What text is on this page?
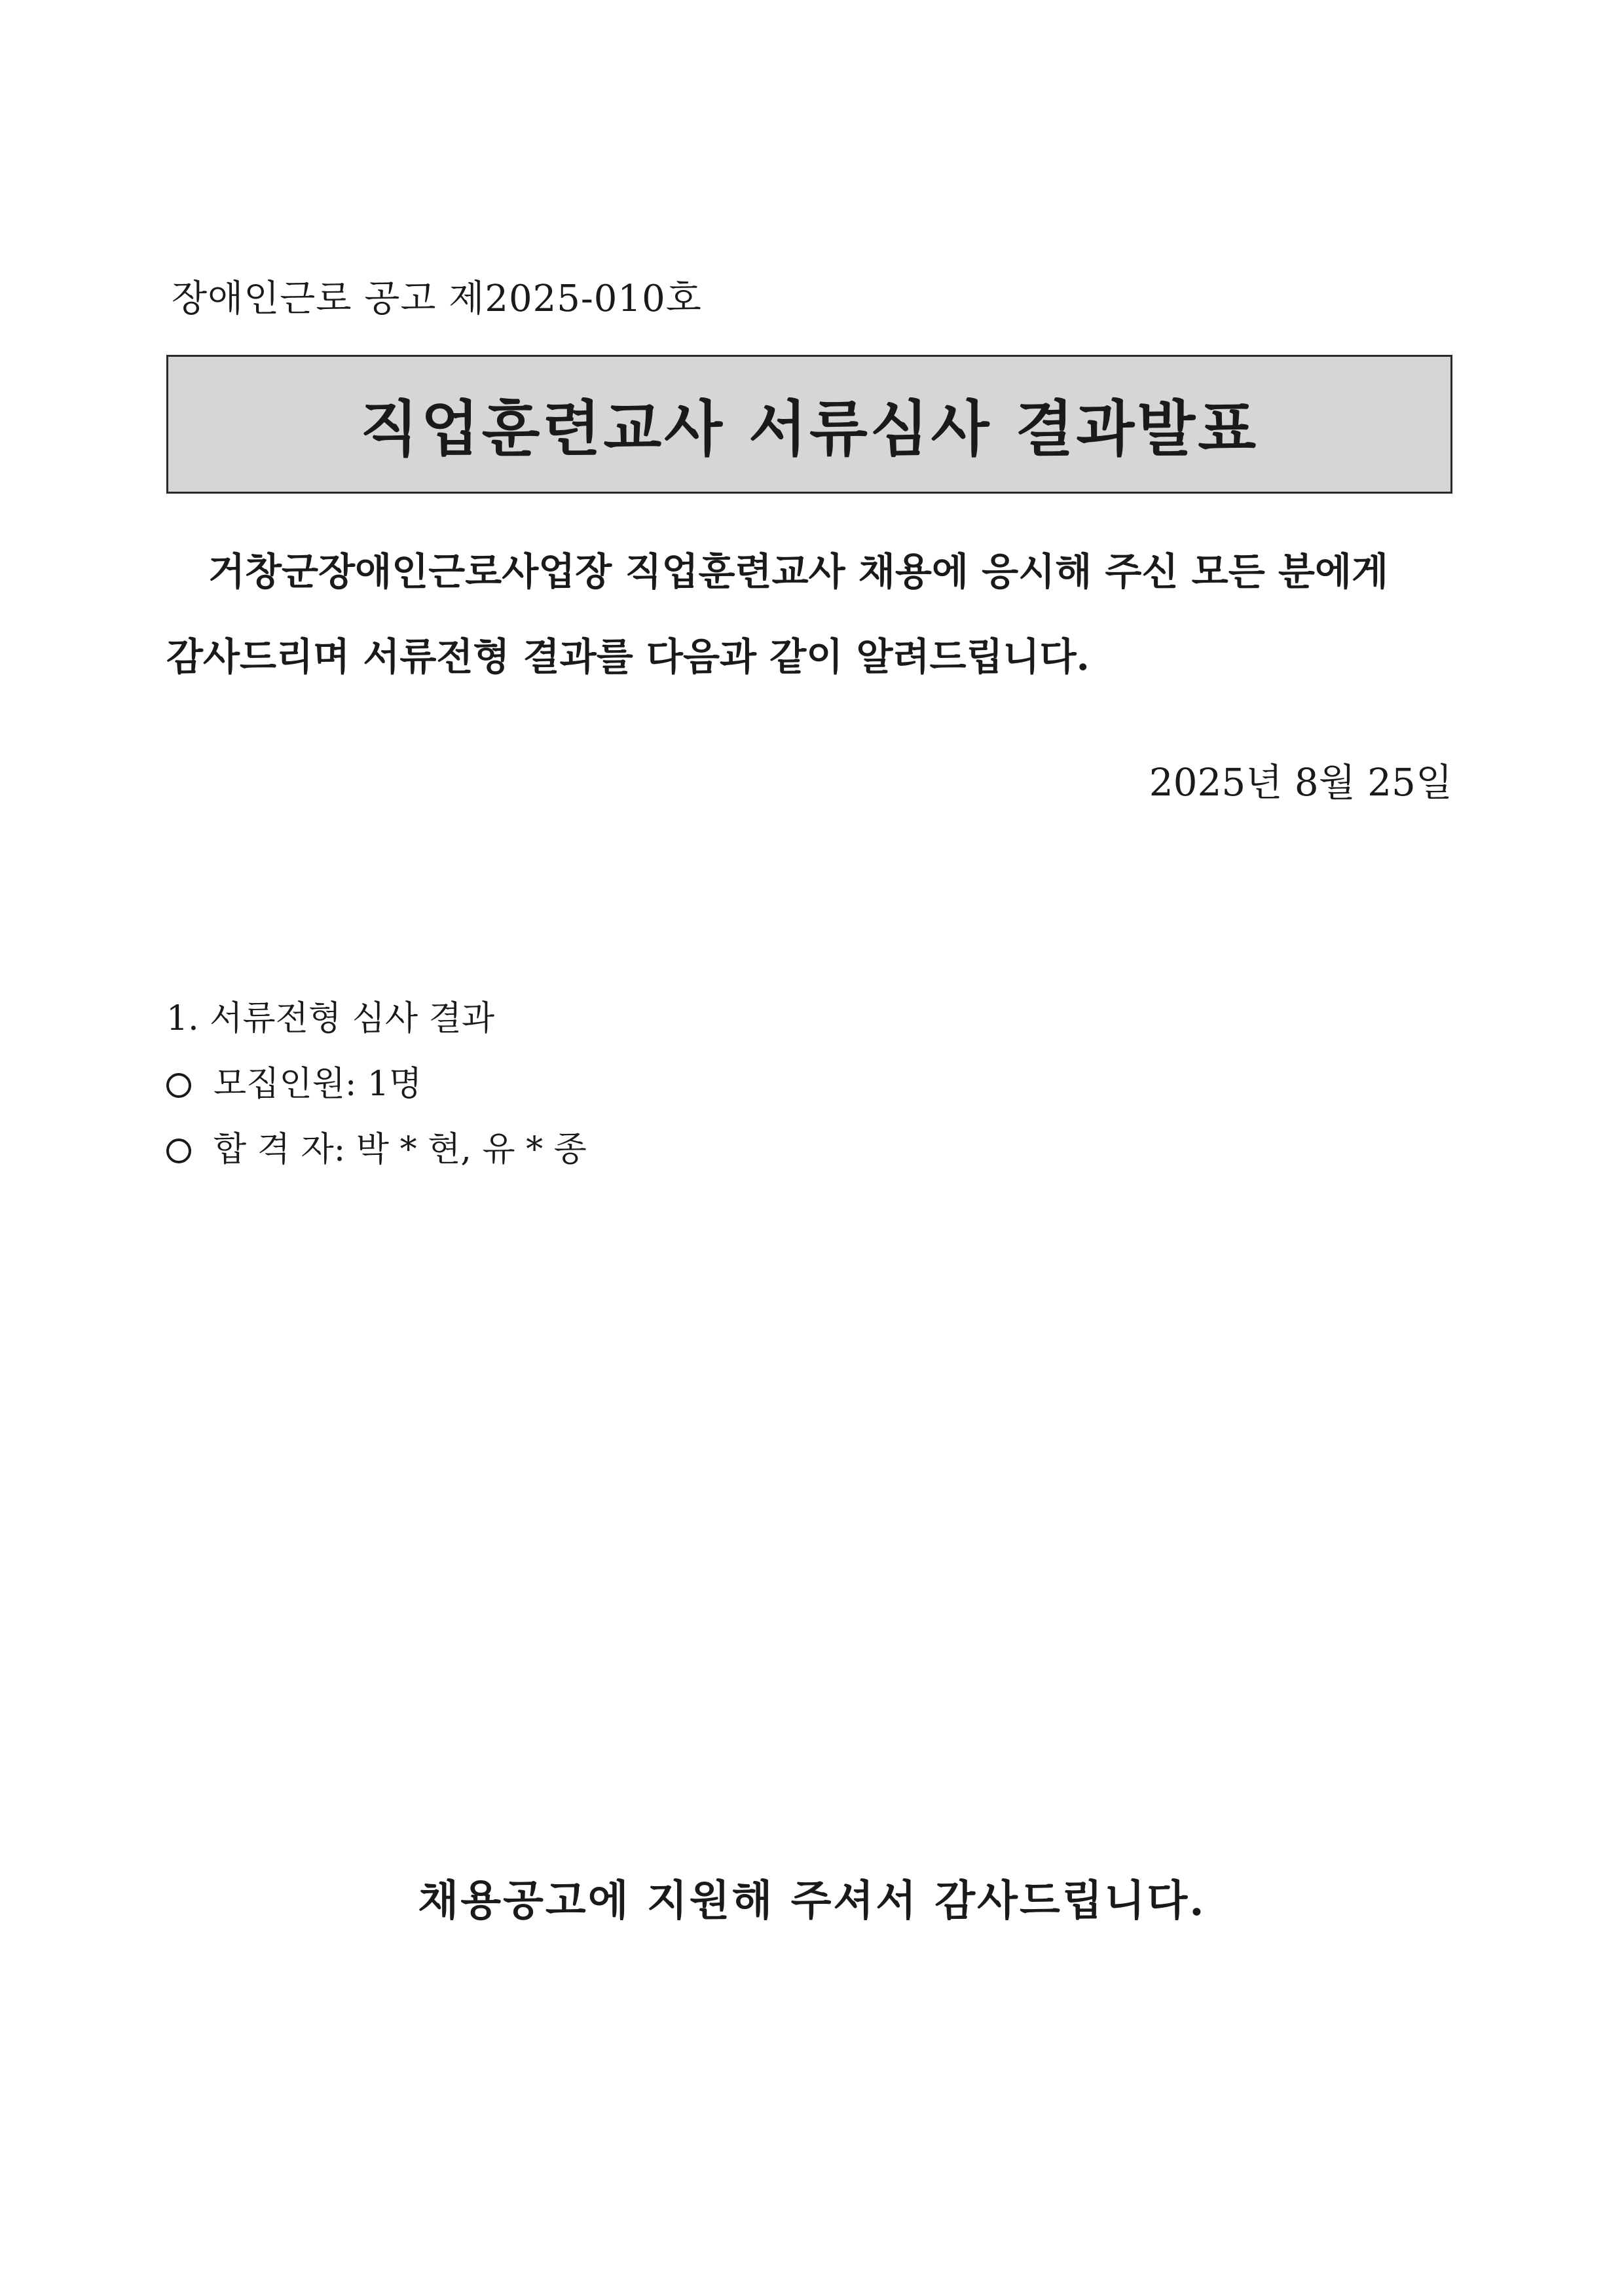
장애인근로 공고 제2025-010호
직업훈련교사 서류심사 결과발표
거창군장애인근로사업장 직업훈련교사 채용에 응시해 주신 모든 분에게
감사드리며 서류전형 결과를 다음과 같이 알려드립니다.
2025년 8월 25일
1. 서류전형 심사 결과
모집인원: 1명
합 격 자: 박 * 현, 유 * 종
채용공고에 지원해 주셔서 감사드립니다.
